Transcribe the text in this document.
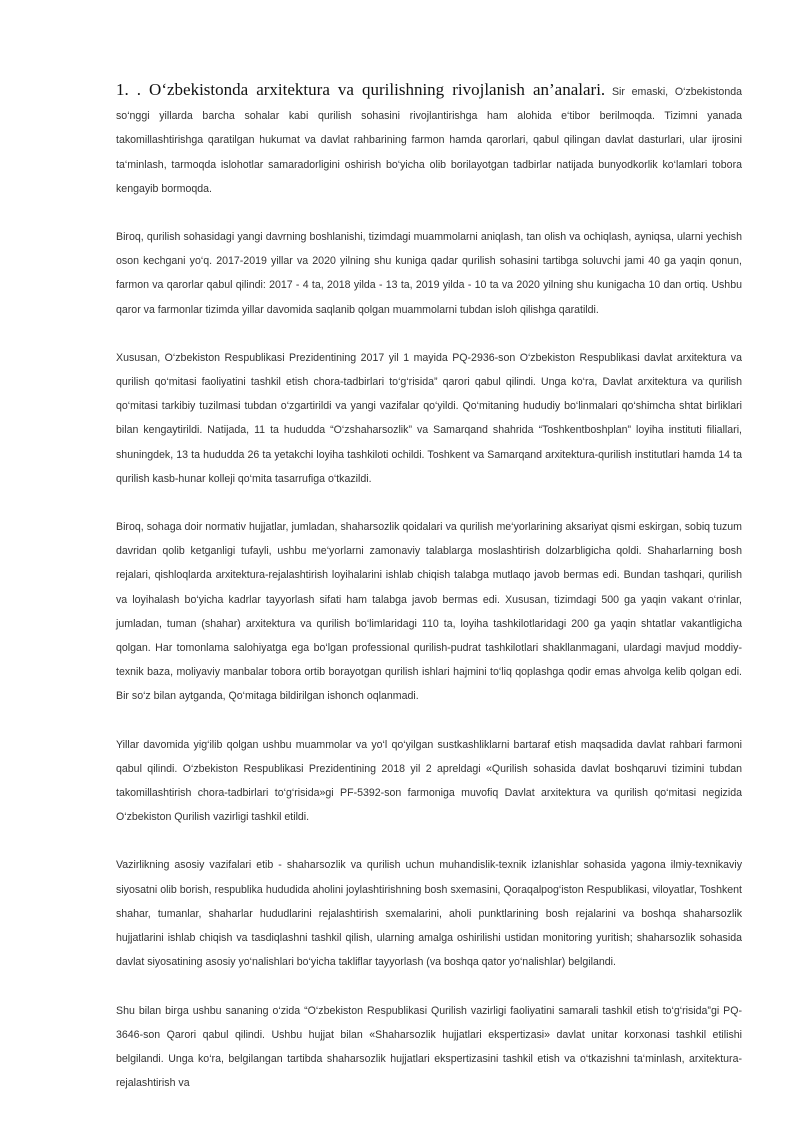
1. . O‘zbekistonda arxitektura va qurilishning rivojlanish an’analari. Sir emaski, O‘zbekistonda so‘nggi yillarda barcha sohalar kabi qurilish sohasini rivojlantirishga ham alohida e‘tibor berilmoqda. Tizimni yanada takomillashtirishga qaratilgan hukumat va davlat rahbarining farmon hamda qarorlari, qabul qilingan davlat dasturlari, ular ijrosini ta‘minlash, tarmoqda islohotlar samaradorligini oshirish bo‘yicha olib borilayotgan tadbirlar natijada bunyodkorlik ko‘lamlari tobora kengayib bormoqda.

Biroq, qurilish sohasidagi yangi davrning boshlanishi, tizimdagi muammolarni aniqlash, tan olish va ochiqlash, ayniqsa, ularni yechish oson kechgani yo‘q. 2017-2019 yillar va 2020 yilning shu kuniga qadar qurilish sohasini tartibga soluvchi jami 40 ga yaqin qonun, farmon va qarorlar qabul qilindi: 2017 - 4 ta, 2018 yilda - 13 ta, 2019 yilda - 10 ta va 2020 yilning shu kunigacha 10 dan ortiq. Ushbu qaror va farmonlar tizimda yillar davomida saqlanib qolgan muammolarni tubdan isloh qilishga qaratildi.

Xususan, O‘zbekiston Respublikasi Prezidentining 2017 yil 1 mayida PQ-2936-son O‘zbekiston Respublikasi davlat arxitektura va qurilish qo‘mitasi faoliyatini tashkil etish chora-tadbirlari to‘g‘risida” qarori qabul qilindi. Unga ko‘ra, Davlat arxitektura va qurilish qo‘mitasi tarkibiy tuzilmasi tubdan o‘zgartirildi va yangi vazifalar qo‘yildi. Qo‘mitaning hududiy bo‘linmalari qo‘shimcha shtat birliklari bilan kengaytirildi. Natijada, 11 ta hududda “O‘zshaharsozlik” va Samarqand shahrida “Toshkentboshplan” loyiha instituti filiallari, shuningdek, 13 ta hududda 26 ta yetakchi loyiha tashkiloti ochildi. Toshkent va Samarqand arxitektura-qurilish institutlari hamda 14 ta qurilish kasb-hunar kolleji qo‘mita tasarrufiga o‘tkazildi.

Biroq, sohaga doir normativ hujjatlar, jumladan, shaharsozlik qoidalari va qurilish me‘yorlarining aksariyat qismi eskirgan, sobiq tuzum davridan qolib ketganligi tufayli, ushbu me‘yorlarni zamonaviy talablarga moslashtirish dolzarbligicha qoldi. Shaharlarning bosh rejalari, qishloqlarda arxitektura-rejalashtirish loyihalarini ishlab chiqish talabga mutlaqo javob bermas edi. Bundan tashqari, qurilish va loyihalash bo‘yicha kadrlar tayyorlash sifati ham talabga javob bermas edi. Xususan, tizimdagi 500 ga yaqin vakant o‘rinlar, jumladan, tuman (shahar) arxitektura va qurilish bo‘limlaridagi 110 ta, loyiha tashkilotlaridagi 200 ga yaqin shtatlar vakantligicha qolgan. Har tomonlama salohiyatga ega bo‘lgan professional qurilish-pudrat tashkilotlari shakllanmagani, ulardagi mavjud moddiy-texnik baza, moliyaviy manbalar tobora ortib borayotgan qurilish ishlari hajmini to‘liq qoplashga qodir emas ahvolga kelib qolgan edi. Bir so‘z bilan aytganda, Qo‘mitaga bildirilgan ishonch oqlanmadi.

Yillar davomida yig‘ilib qolgan ushbu muammolar va yo‘l qo‘yilgan sustkashliklarni bartaraf etish maqsadida davlat rahbari farmoni qabul qilindi. O‘zbekiston Respublikasi Prezidentining 2018 yil 2 apreldagi «Qurilish sohasida davlat boshqaruvi tizimini tubdan takomillashtirish chora-tadbirlari to‘g‘risida»gi PF-5392-son farmoniga muvofiq Davlat arxitektura va qurilish qo‘mitasi negizida O‘zbekiston Qurilish vazirligi tashkil etildi.

Vazirlikning asosiy vazifalari etib - shaharsozlik va qurilish uchun muhandislik-texnik izlanishlar sohasida yagona ilmiy-texnikaviy siyosatni olib borish, respublika hududida aholini joylashtirishning bosh sxemasini, Qoraqalpog‘iston Respublikasi, viloyatlar, Toshkent shahar, tumanlar, shaharlar hududlarini rejalashtirish sxemalarini, aholi punktlarining bosh rejalarini va boshqa shaharsozlik hujjatlarini ishlab chiqish va tasdiqlashni tashkil qilish, ularning amalga oshirilishi ustidan monitoring yuritish; shaharsozlik sohasida davlat siyosatining asosiy yo‘nalishlari bo‘yicha takliflar tayyorlash (va boshqa qator yo‘nalishlar) belgilandi.

Shu bilan birga ushbu sananing o‘zida “O‘zbekiston Respublikasi Qurilish vazirligi faoliyatini samarali tashkil etish to‘g‘risida”gi PQ-3646-son Qarori qabul qilindi. Ushbu hujjat bilan «Shaharsozlik hujjatlari ekspertizasi» davlat unitar korxonasi tashkil etilishi belgilandi. Unga ko‘ra, belgilangan tartibda shaharsozlik hujjatlari ekspertizasini tashkil etish va o‘tkazishni ta‘minlash, arxitektura-rejalashtirish va
